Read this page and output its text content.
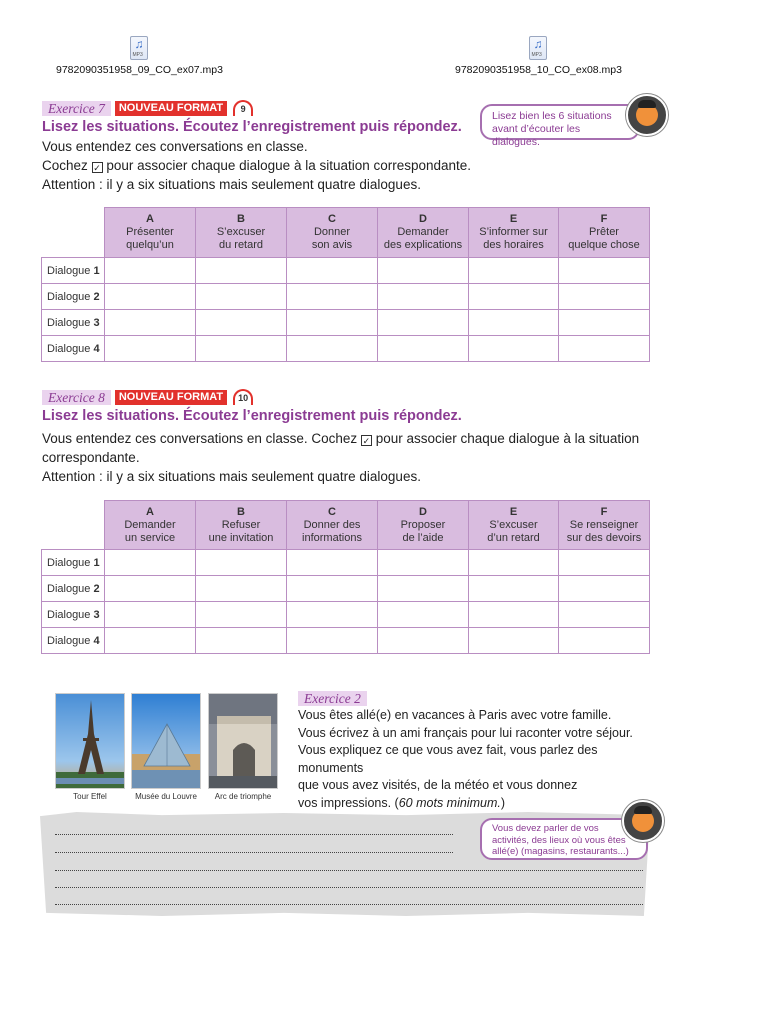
♫ MP3
9782090351958_09_CO_ex07.mp3
♫ MP3	9782090351958_10_CO_ex08.mp3
Exercice 7	NOUVEAU FORMAT	9
Lisez les situations. Écoutez l’enregistrement puis répondez.
Vous entendez ces conversations en classe.
Cochez ✓ pour associer chaque dialogue à la situation correspondante.
Attention : il y a six situations mais seulement quatre dialogues.
Lisez bien les 6 situations avant d’écouter les dialogues.

	A
Présenter
quelqu’un	B
S’excuser
du retard	C
Donner
son avis	D
Demander
des explications	E
S’informer sur
des horaires	F
Prêter
quelque chose
Dialogue 1						
Dialogue 2						
Dialogue 3						
Dialogue 4						
Exercice 8	NOUVEAU FORMAT	10
Lisez les situations. Écoutez l’enregistrement puis répondez.
Vous entendez ces conversations en classe. Cochez ✓ pour associer chaque dialogue à la situation
correspondante.
Attention : il y a six situations mais seulement quatre dialogues.

	A
Demander
un service	B
Refuser
une invitation	C
Donner des
informations	D
Proposer
de l’aide	E
S’excuser
d’un retard	F
Se renseigner
sur des devoirs
Dialogue 1						
Dialogue 2						
Dialogue 3						
Dialogue 4						
Tour Effel	Musée du Louvre	Arc de triomphe
Exercice 2
Vous êtes allé(e) en vacances à Paris avec votre famille.
Vous écrivez à un ami français pour lui raconter votre séjour.
Vous expliquez ce que vous avez fait, vous parlez des monuments
que vous avez visités, de la météo et vous donnez
vos impressions. (60 mots minimum.)
Vous devez parler de vos activités, des lieux où vous êtes allé(e) (magasins, restaurants...)
